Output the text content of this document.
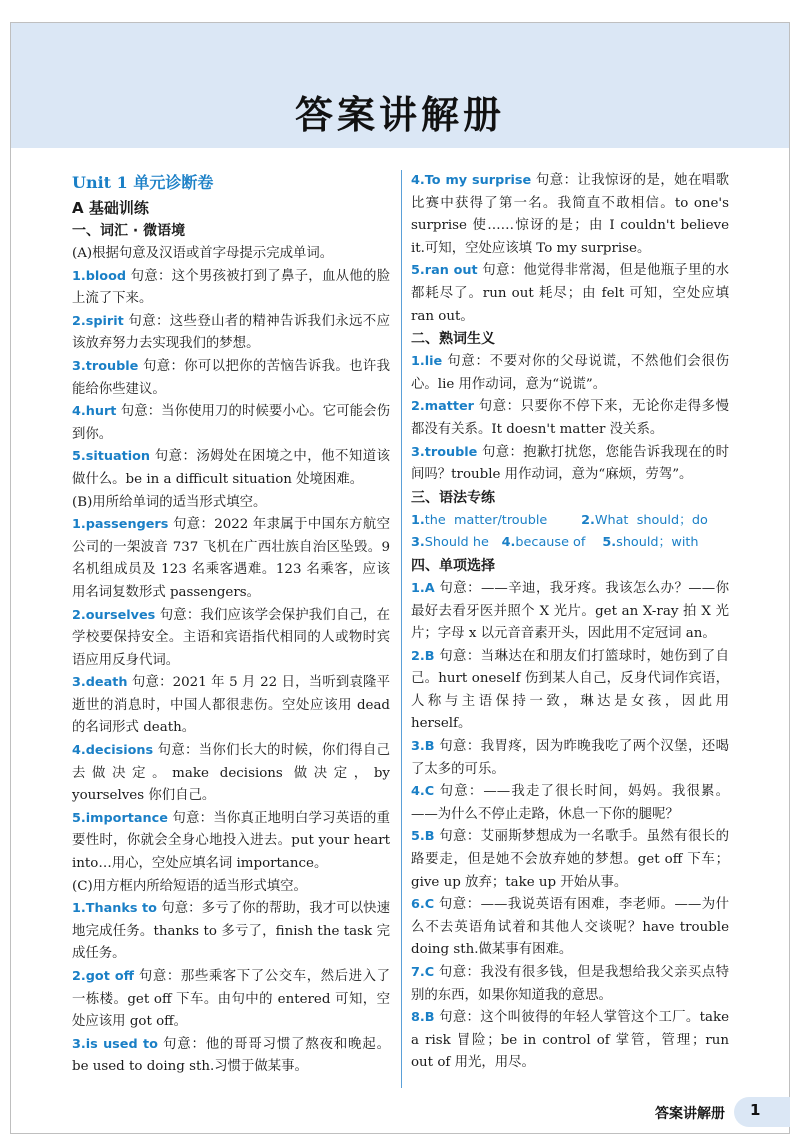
答案讲解册

Unit 1 单元诊断卷

A 基础训练

一、词汇 · 微语境

(A)根据句意及汉语或首字母提示完成单词。

1.blood 句意：这个男孩被打到了鼻子，血从他的脸上流了下来。

2.spirit 句意：这些登山者的精神告诉我们永远不应该放弃努力去实现我们的梦想。

3.trouble 句意：你可以把你的苦恼告诉我。也许我能给你些建议。

4.hurt 句意：当你使用刀的时候要小心。它可能会伤到你。

5.situation 句意：汤姆处在困境之中，他不知道该做什么。be in a difficult situation 处境困难。

(B)用所给单词的适当形式填空。

1.passengers 句意：2022 年隶属于中国东方航空公司的一架波音 737 飞机在广西壮族自治区坠毁。9 名机组成员及 123 名乘客遇难。123 名乘客，应该用名词复数形式 passengers。

2.ourselves 句意：我们应该学会保护我们自己，在学校要保持安全。主语和宾语指代相同的人或物时宾语应用反身代词。

3.death 句意：2021 年 5 月 22 日，当听到袁隆平逝世的消息时，中国人都很悲伤。空处应该用 dead 的名词形式 death。

4.decisions 句意：当你们长大的时候，你们得自己去做决定。make decisions 做决定，by yourselves 你们自己。

5.importance 句意：当你真正地明白学习英语的重要性时，你就会全身心地投入进去。put your heart into…用心，空处应填名词 importance。

(C)用方框内所给短语的适当形式填空。

1.Thanks to 句意：多亏了你的帮助，我才可以快速地完成任务。thanks to 多亏了，finish the task 完成任务。

2.got off 句意：那些乘客下了公交车，然后进入了一栋楼。get off 下车。由句中的 entered 可知，空处应该用 got off。

3.is used to 句意：他的哥哥习惯了熬夜和晚起。be used to doing sth.习惯于做某事。

4.To my surprise 句意：让我惊讶的是，她在唱歌比赛中获得了第一名。我简直不敢相信。to one's surprise 使……惊讶的是；由 I couldn't believe it.可知，空处应该填 To my surprise。

5.ran out 句意：他觉得非常渴，但是他瓶子里的水都耗尽了。run out 耗尽；由 felt 可知，空处应填 ran out。

二、熟词生义

1.lie 句意：不要对你的父母说谎，不然他们会很伤心。lie 用作动词，意为“说谎”。

2.matter 句意：只要你不停下来，无论你走得多慢都没有关系。It doesn't matter 没关系。

3.trouble 句意：抱歉打扰您，您能告诉我现在的时间吗？trouble 用作动词，意为“麻烦，劳驾”。

三、语法专练

1.the matter/trouble	2.What should；do    3.Should he 4.because of 5.should；with

四、单项选择

1.A 句意：——辛迪，我牙疼。我该怎么办？——你最好去看牙医并照个 X 光片。get an X-ray 拍 X 光片；字母 x 以元音音素开头，因此用不定冠词 an。

2.B 句意：当琳达在和朋友们打篮球时，她伤到了自己。hurt oneself 伤到某人自己，反身代词作宾语，人称与主语保持一致，琳达是女孩，因此用 herself。

3.B 句意：我胃疼，因为昨晚我吃了两个汉堡，还喝了太多的可乐。

4.C 句意：——我走了很长时间，妈妈。我很累。——为什么不停止走路，休息一下你的腿呢？

5.B 句意：艾丽斯梦想成为一名歌手。虽然有很长的路要走，但是她不会放弃她的梦想。get off 下车；give up 放弃；take up 开始从事。

6.C 句意：——我说英语有困难，李老师。——为什么不去英语角试着和其他人交谈呢？have trouble doing sth.做某事有困难。

7.C 句意：我没有很多钱，但是我想给我父亲买点特别的东西，如果你知道我的意思。

8.B 句意：这个叫彼得的年轻人掌管这个工厂。take a risk 冒险；be in control of 掌管，管理；run out of 用光，用尽。

答案讲解册 1
